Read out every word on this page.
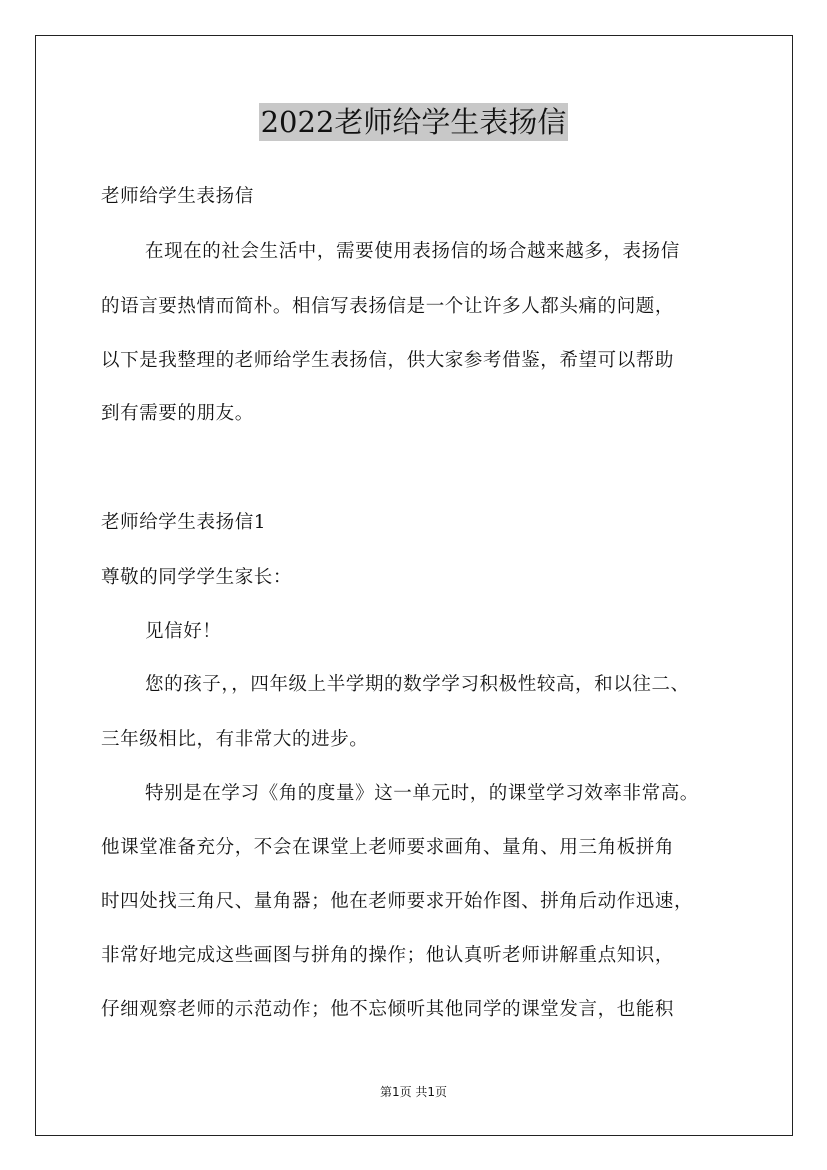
2022老师给学生表扬信
老师给学生表扬信
在现在的社会生活中，需要使用表扬信的场合越来越多，表扬信
的语言要热情而简朴。相信写表扬信是一个让许多人都头痛的问题，
以下是我整理的老师给学生表扬信，供大家参考借鉴，希望可以帮助
到有需要的朋友。
老师给学生表扬信1
尊敬的同学学生家长：
见信好！
您的孩子，，四年级上半学期的数学学习积极性较高，和以往二、
三年级相比，有非常大的进步。
特别是在学习《角的度量》这一单元时，的课堂学习效率非常高。
他课堂准备充分，不会在课堂上老师要求画角、量角、用三角板拼角
时四处找三角尺、量角器；他在老师要求开始作图、拼角后动作迅速，
非常好地完成这些画图与拼角的操作；他认真听老师讲解重点知识，
仔细观察老师的示范动作；他不忘倾听其他同学的课堂发言，也能积
第1页 共1页
